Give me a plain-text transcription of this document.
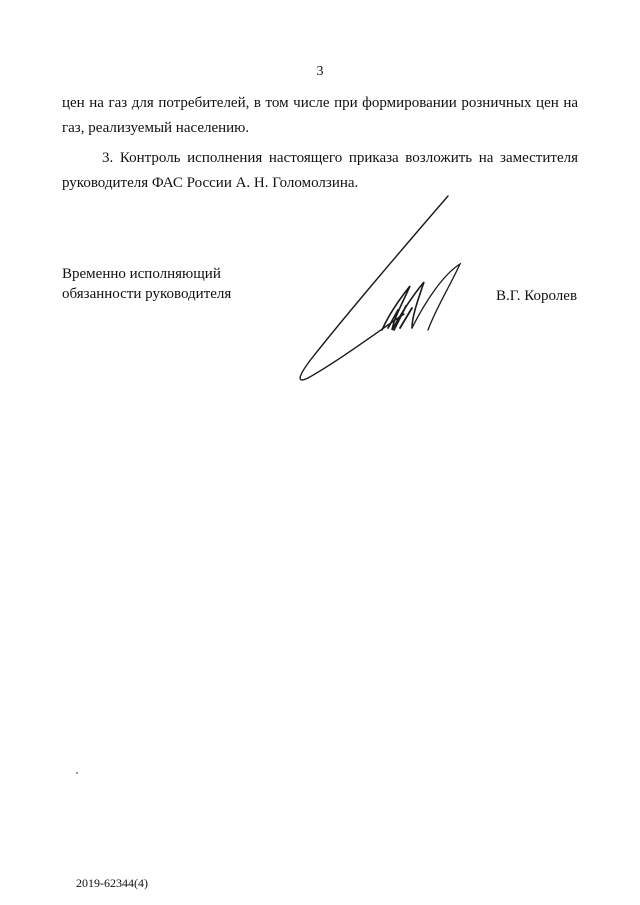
3

цен на газ для потребителей, в том числе при формировании розничных цен на газ, реализуемый населению.

3. Контроль исполнения настоящего приказа возложить на заместителя руководителя ФАС России А. Н. Голомолзина.

Временно исполняющий
обязанности руководителя	В.Г. Королев
2019-62344(4)
